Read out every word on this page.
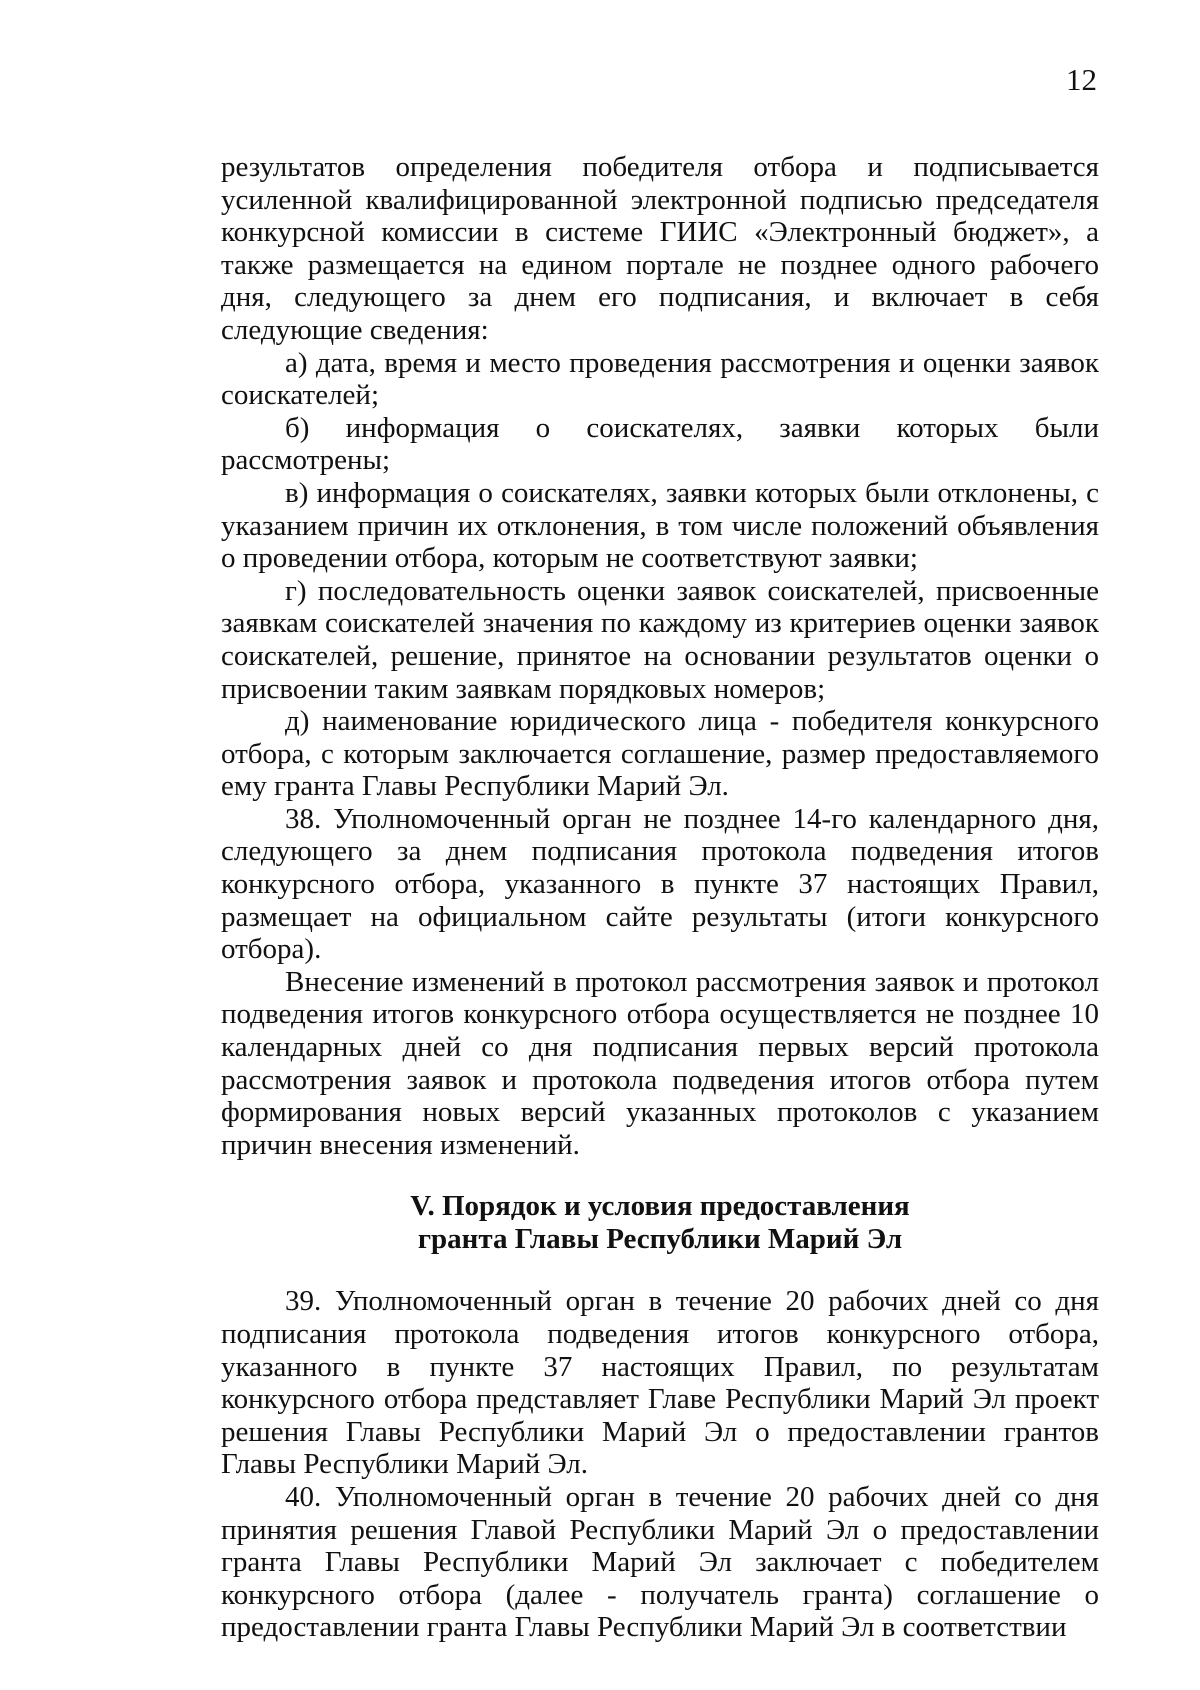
12

результатов определения победителя отбора и подписывается усиленной квалифицированной электронной подписью председателя конкурсной комиссии в системе ГИИС «Электронный бюджет», а также размещается на едином портале не позднее одного рабочего дня, следующего за днем его подписания, и включает в себя следующие сведения:

а) дата, время и место проведения рассмотрения и оценки заявок соискателей;

б) информация о соискателях, заявки которых были рассмотрены;

в) информация о соискателях, заявки которых были отклонены, с указанием причин их отклонения, в том числе положений объявления о проведении отбора, которым не соответствуют заявки;

г) последовательность оценки заявок соискателей, присвоенные заявкам соискателей значения по каждому из критериев оценки заявок соискателей, решение, принятое на основании результатов оценки о присвоении таким заявкам порядковых номеров;

д) наименование юридического лица - победителя конкурсного отбора, с которым заключается соглашение, размер предоставляемого ему гранта Главы Республики Марий Эл.

38. Уполномоченный орган не позднее 14-го календарного дня, следующего за днем подписания протокола подведения итогов конкурсного отбора, указанного в пункте 37 настоящих Правил, размещает на официальном сайте результаты (итоги конкурсного отбора).

Внесение изменений в протокол рассмотрения заявок и протокол подведения итогов конкурсного отбора осуществляется не позднее 10 календарных дней со дня подписания первых версий протокола рассмотрения заявок и протокола подведения итогов отбора путем формирования новых версий указанных протоколов с указанием причин внесения изменений.

V. Порядок и условия предоставления
гранта Главы Республики Марий Эл

39. Уполномоченный орган в течение 20 рабочих дней со дня подписания протокола подведения итогов конкурсного отбора, указанного в пункте 37 настоящих Правил, по результатам конкурсного отбора представляет Главе Республики Марий Эл проект решения Главы Республики Марий Эл о предоставлении грантов Главы Республики Марий Эл.

40. Уполномоченный орган в течение 20 рабочих дней со дня принятия решения Главой Республики Марий Эл о предоставлении гранта Главы Республики Марий Эл заключает с победителем конкурсного отбора (далее - получатель гранта) соглашение о предоставлении гранта Главы Республики Марий Эл в соответствии
